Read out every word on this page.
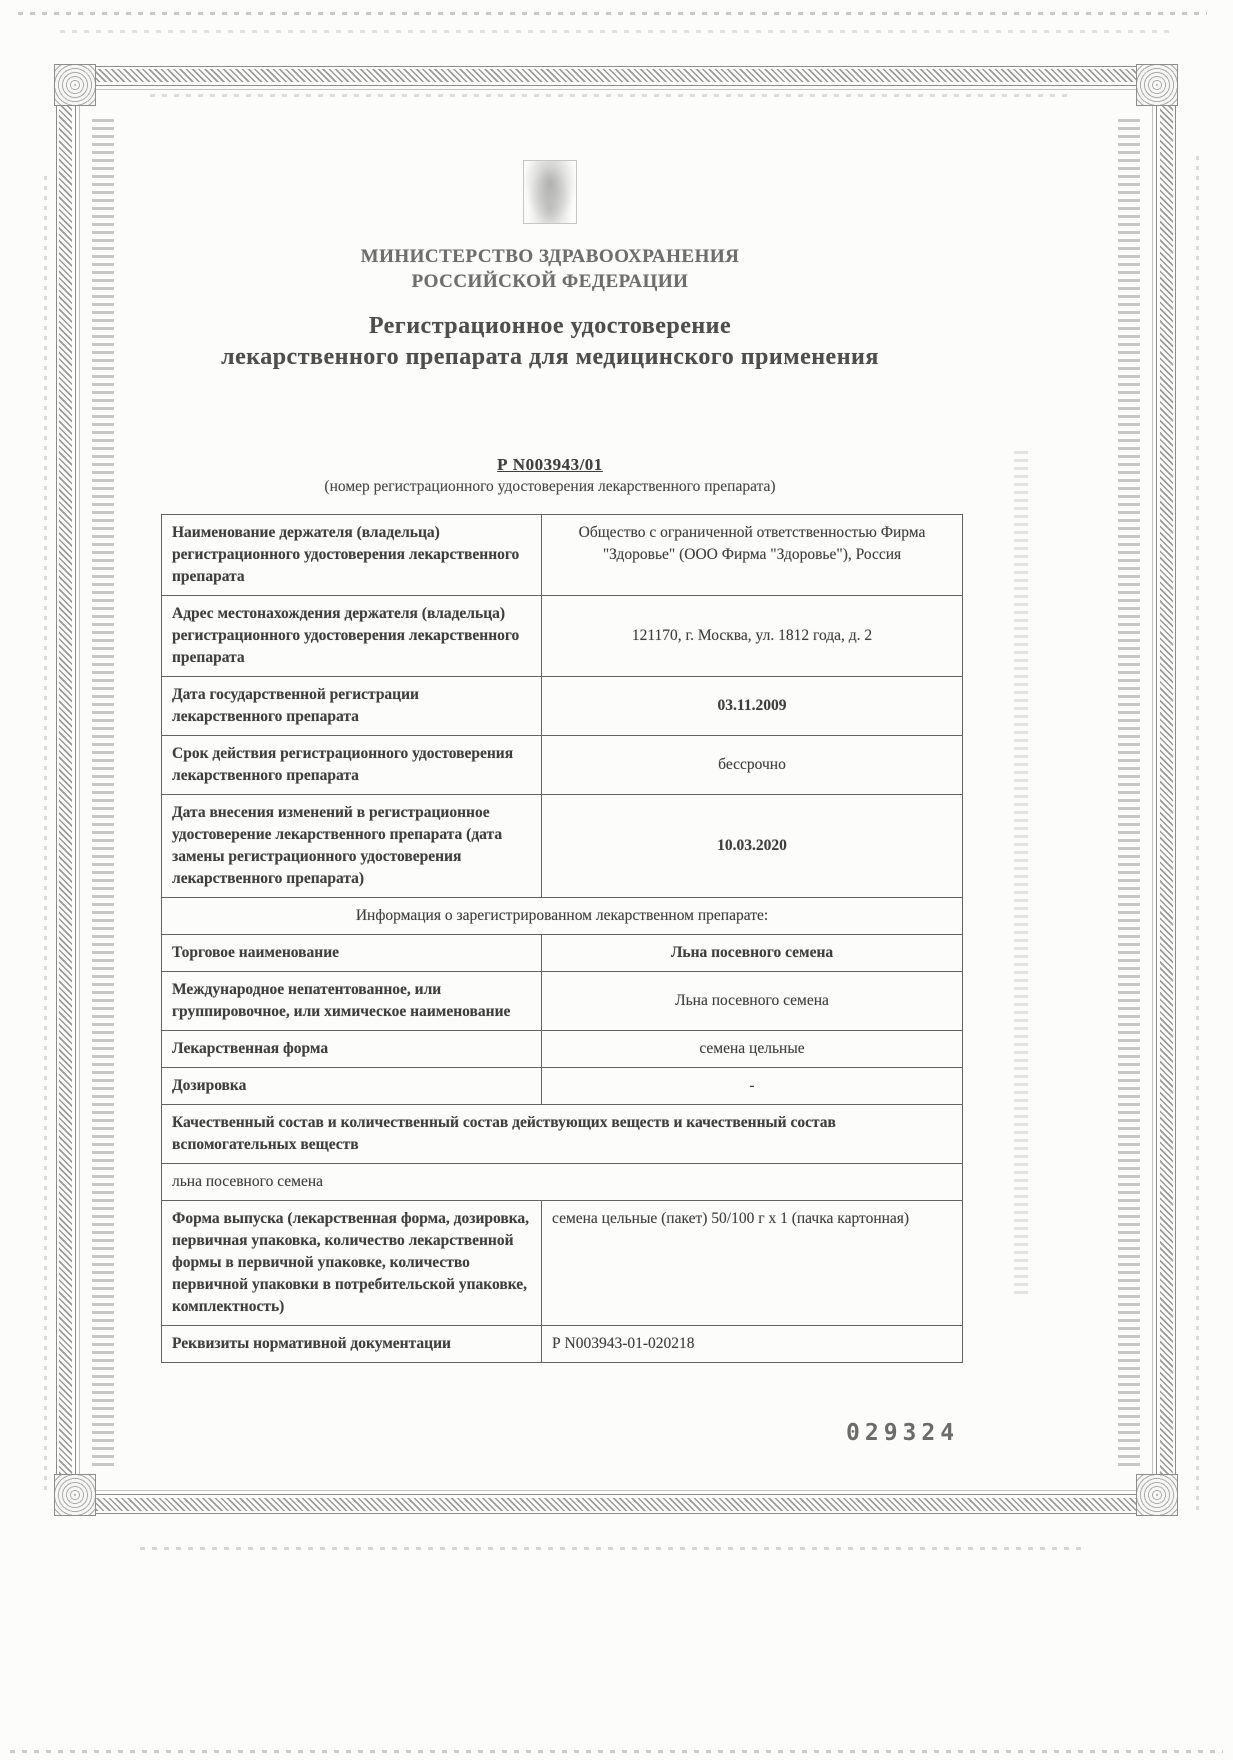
МИНИСТЕРСТВО ЗДРАВООХРАНЕНИЯ
РОССИЙСКОЙ ФЕДЕРАЦИИ
Регистрационное удостоверение
лекарственного препарата для медицинского применения
Р N003943/01
(номер регистрационного удостоверения лекарственного препарата)
Наименование держателя (владельца) регистрационного удостоверения лекарственного препарата	Общество с ограниченной ответственностью Фирма "Здоровье" (ООО Фирма "Здоровье"), Россия
Адрес местонахождения держателя (владельца) регистрационного удостоверения лекарственного препарата	121170, г. Москва, ул. 1812 года, д. 2
Дата государственной регистрации лекарственного препарата	03.11.2009
Срок действия регистрационного удостоверения лекарственного препарата	бессрочно
Дата внесения изменений в регистрационное удостоверение лекарственного препарата (дата замены регистрационного удостоверения лекарственного препарата)	10.03.2020
Информация о зарегистрированном лекарственном препарате:	
Торговое наименование	Льна посевного семена
Международное непатентованное, или группировочное, или химическое наименование	Льна посевного семена
Лекарственная форма	семена цельные
Дозировка	-
Качественный состав и количественный состав действующих веществ и качественный состав вспомогательных веществ	
льна посевного семена	
Форма выпуска (лекарственная форма, дозировка, первичная упаковка, количество лекарственной формы в первичной упаковке, количество первичной упаковки в потребительской упаковке, комплектность)	семена цельные (пакет) 50/100 г х 1 (пачка картонная)
Реквизиты нормативной документации	Р N003943-01-020218
029324
